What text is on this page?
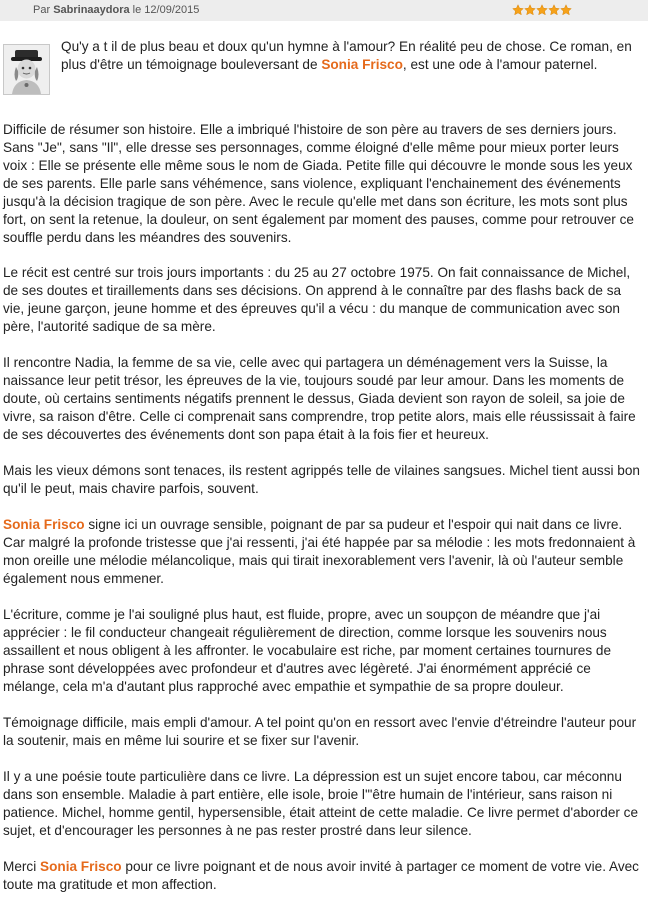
Par Sabrinaaydora le 12/09/2015

Qu'y a t il de plus beau et doux qu'un hymne à l'amour? En réalité peu de chose. Ce roman, en plus d'être un témoignage bouleversant de Sonia Frisco, est une ode à l'amour paternel.

Difficile de résumer son histoire. Elle a imbriqué l'histoire de son père au travers de ses derniers jours. Sans "Je", sans "Il", elle dresse ses personnages, comme éloigné d'elle même pour mieux porter leurs voix : Elle se présente elle même sous le nom de Giada. Petite fille qui découvre le monde sous les yeux de ses parents. Elle parle sans véhémence, sans violence, expliquant l'enchainement des événements jusqu'à la décision tragique de son père. Avec le recule qu'elle met dans son écriture, les mots sont plus fort, on sent la retenue, la douleur, on sent également par moment des pauses, comme pour retrouver ce souffle perdu dans les méandres des souvenirs.

Le récit est centré sur trois jours importants : du 25 au 27 octobre 1975. On fait connaissance de Michel, de ses doutes et tiraillements dans ses décisions. On apprend à le connaître par des flashs back de sa vie, jeune garçon, jeune homme et des épreuves qu'il a vécu : du manque de communication avec son père, l'autorité sadique de sa mère.

Il rencontre Nadia, la femme de sa vie, celle avec qui partagera un déménagement vers la Suisse, la naissance leur petit trésor, les épreuves de la vie, toujours soudé par leur amour. Dans les moments de doute, où certains sentiments négatifs prennent le dessus, Giada devient son rayon de soleil, sa joie de vivre, sa raison d'être. Celle ci comprenait sans comprendre, trop petite alors, mais elle réussissait à faire de ses découvertes des événements dont son papa était à la fois fier et heureux.

Mais les vieux démons sont tenaces, ils restent agrippés telle de vilaines sangsues. Michel tient aussi bon qu'il le peut, mais chavire parfois, souvent.

Sonia Frisco signe ici un ouvrage sensible, poignant de par sa pudeur et l'espoir qui nait dans ce livre. Car malgré la profonde tristesse que j'ai ressenti, j'ai été happée par sa mélodie : les mots fredonnaient à mon oreille une mélodie mélancolique, mais qui tirait inexorablement vers l'avenir, là où l'auteur semble également nous emmener.

L'écriture, comme je l'ai souligné plus haut, est fluide, propre, avec un soupçon de méandre que j'ai apprécier : le fil conducteur changeait régulièrement de direction, comme lorsque les souvenirs nous assaillent et nous obligent à les affronter. le vocabulaire est riche, par moment certaines tournures de phrase sont développées avec profondeur et d'autres avec légèreté. J'ai énormément apprécié ce mélange, cela m'a d'autant plus rapproché avec empathie et sympathie de sa propre douleur.

Témoignage difficile, mais empli d'amour. A tel point qu'on en ressort avec l'envie d'étreindre l'auteur pour la soutenir, mais en même lui sourire et se fixer sur l'avenir.

Il y a une poésie toute particulière dans ce livre. La dépression est un sujet encore tabou, car méconnu dans son ensemble. Maladie à part entière, elle isole, broie l'"être humain de l'intérieur, sans raison ni patience. Michel, homme gentil, hypersensible, était atteint de cette maladie. Ce livre permet d'aborder ce sujet, et d'encourager les personnes à ne pas rester prostré dans leur silence.

Merci Sonia Frisco pour ce livre poignant et de nous avoir invité à partager ce moment de votre vie. Avec toute ma gratitude et mon affection.
